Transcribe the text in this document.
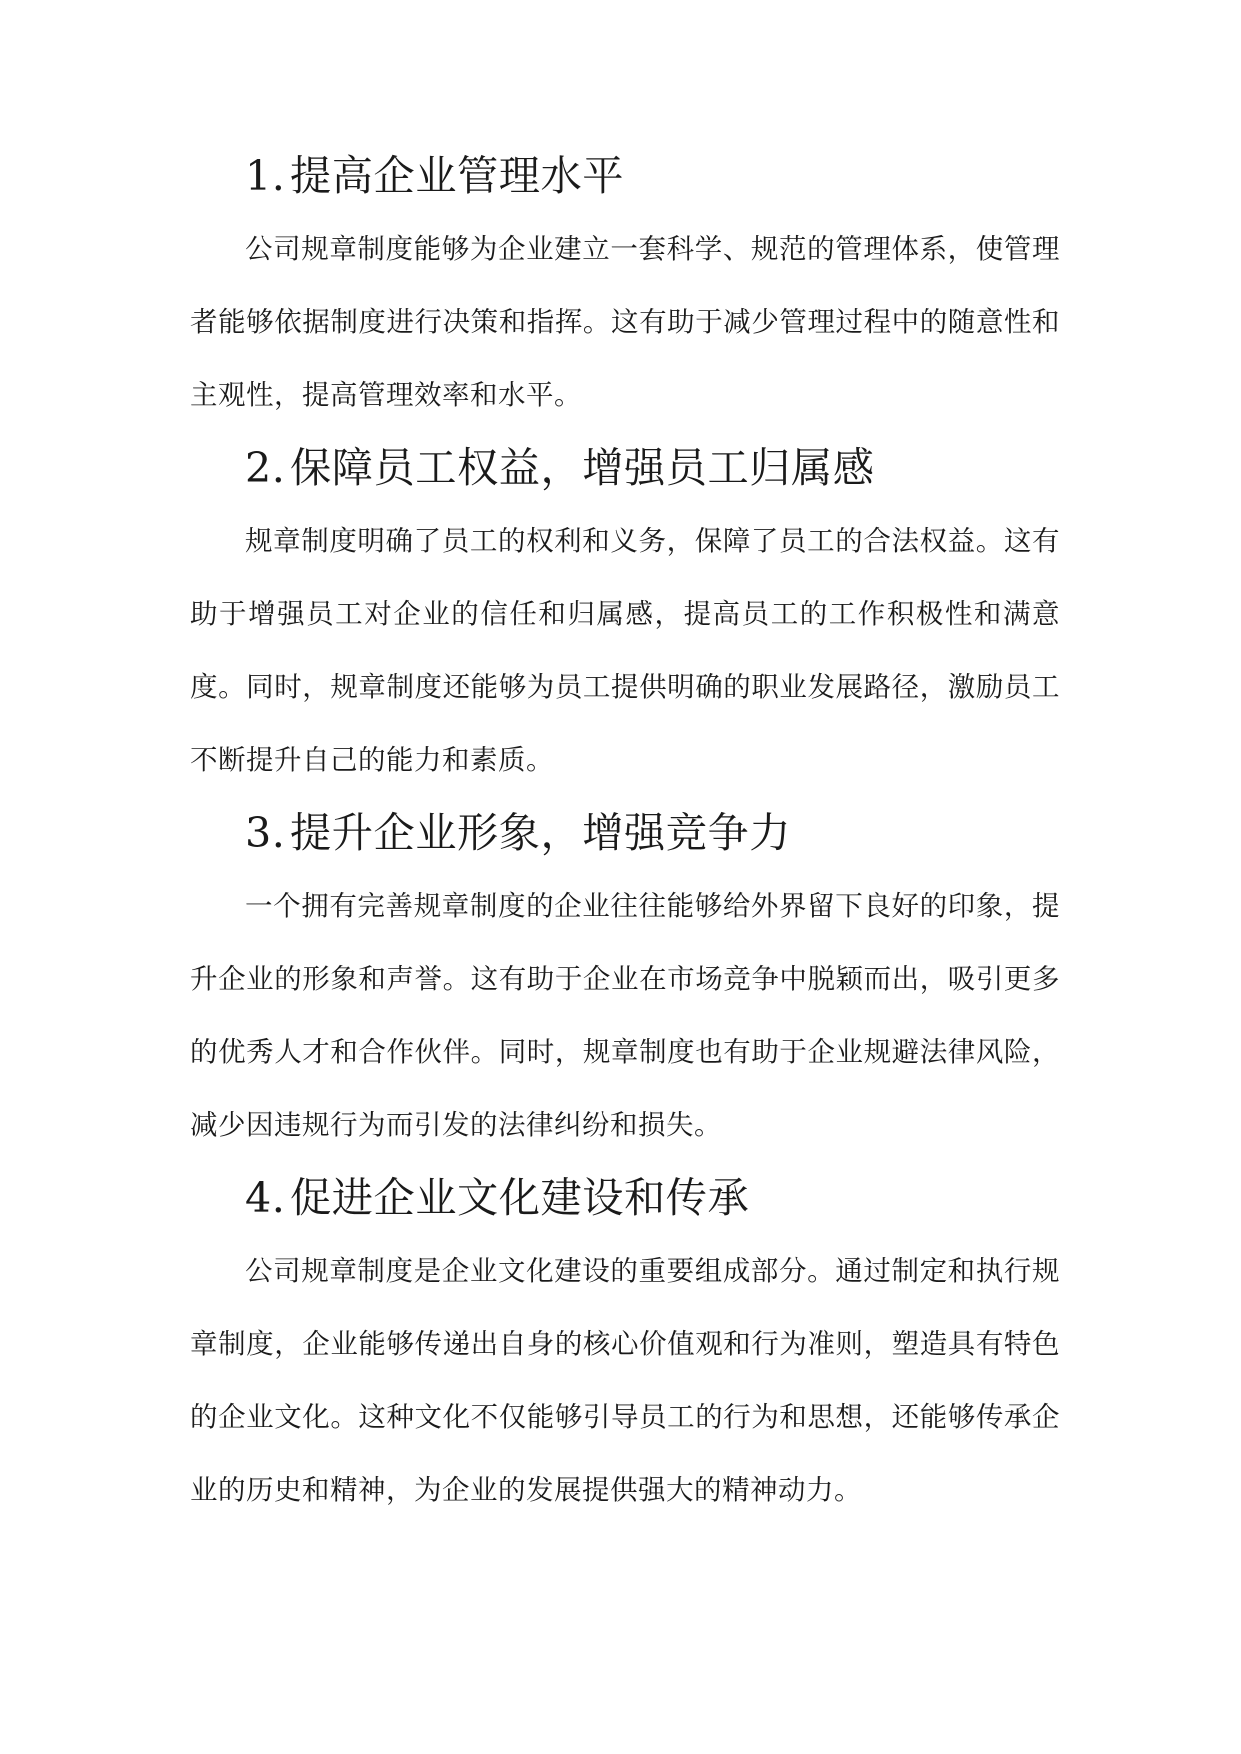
1. 提高企业管理水平

公司规章制度能够为企业建立一套科学、规范的管理体系，使管理者能够依据制度进行决策和指挥。这有助于减少管理过程中的随意性和主观性，提高管理效率和水平。

2. 保障员工权益，增强员工归属感

规章制度明确了员工的权利和义务，保障了员工的合法权益。这有助于增强员工对企业的信任和归属感，提高员工的工作积极性和满意度。同时，规章制度还能够为员工提供明确的职业发展路径，激励员工不断提升自己的能力和素质。

3. 提升企业形象，增强竞争力

一个拥有完善规章制度的企业往往能够给外界留下良好的印象，提升企业的形象和声誉。这有助于企业在市场竞争中脱颖而出，吸引更多的优秀人才和合作伙伴。同时，规章制度也有助于企业规避法律风险，减少因违规行为而引发的法律纠纷和损失。

4. 促进企业文化建设和传承

公司规章制度是企业文化建设的重要组成部分。通过制定和执行规章制度，企业能够传递出自身的核心价值观和行为准则，塑造具有特色的企业文化。这种文化不仅能够引导员工的行为和思想，还能够传承企业的历史和精神，为企业的发展提供强大的精神动力。
